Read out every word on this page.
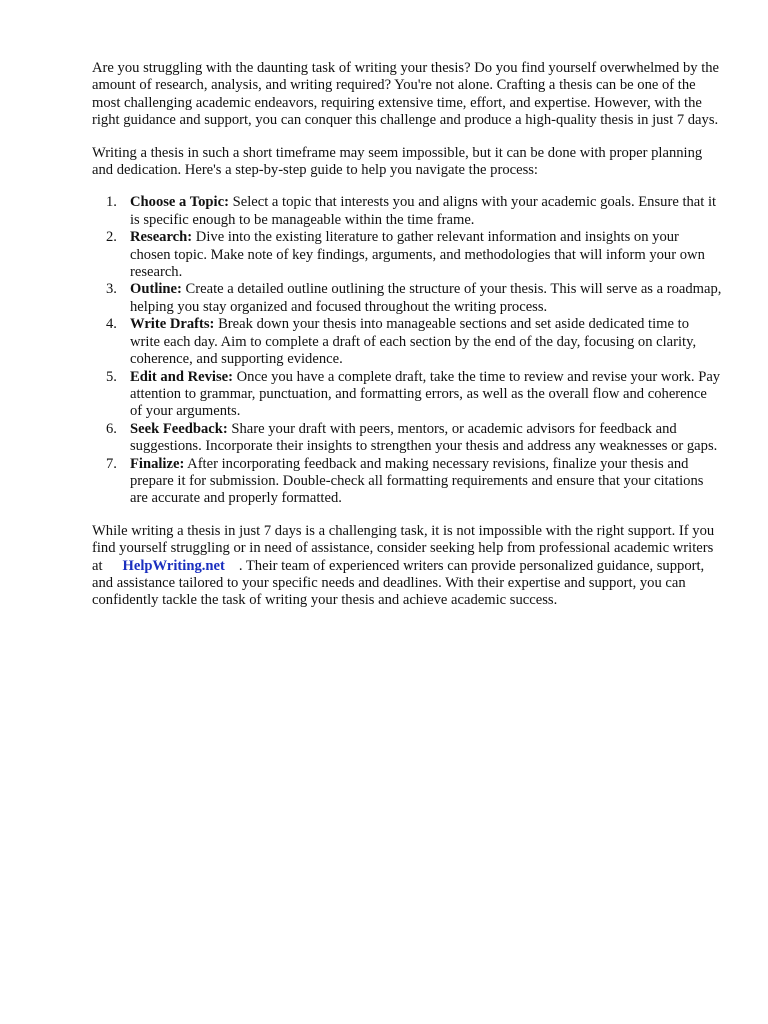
Are you struggling with the daunting task of writing your thesis? Do you find yourself overwhelmed by the amount of research, analysis, and writing required? You're not alone. Crafting a thesis can be one of the most challenging academic endeavors, requiring extensive time, effort, and expertise. However, with the right guidance and support, you can conquer this challenge and produce a high-quality thesis in just 7 days.

Writing a thesis in such a short timeframe may seem impossible, but it can be done with proper planning and dedication. Here's a step-by-step guide to help you navigate the process:

1. Choose a Topic: Select a topic that interests you and aligns with your academic goals. Ensure that it is specific enough to be manageable within the time frame.
2. Research: Dive into the existing literature to gather relevant information and insights on your chosen topic. Make note of key findings, arguments, and methodologies that will inform your own research.
3. Outline: Create a detailed outline outlining the structure of your thesis. This will serve as a roadmap, helping you stay organized and focused throughout the writing process.
4. Write Drafts: Break down your thesis into manageable sections and set aside dedicated time to write each day. Aim to complete a draft of each section by the end of the day, focusing on clarity, coherence, and supporting evidence.
5. Edit and Revise: Once you have a complete draft, take the time to review and revise your work. Pay attention to grammar, punctuation, and formatting errors, as well as the overall flow and coherence of your arguments.
6. Seek Feedback: Share your draft with peers, mentors, or academic advisors for feedback and suggestions. Incorporate their insights to strengthen your thesis and address any weaknesses or gaps.
7. Finalize: After incorporating feedback and making necessary revisions, finalize your thesis and prepare it for submission. Double-check all formatting requirements and ensure that your citations are accurate and properly formatted.

While writing a thesis in just 7 days is a challenging task, it is not impossible with the right support. If you find yourself struggling or in need of assistance, consider seeking help from professional academic writers at HelpWriting.net . Their team of experienced writers can provide personalized guidance, support, and assistance tailored to your specific needs and deadlines. With their expertise and support, you can confidently tackle the task of writing your thesis and achieve academic success.
